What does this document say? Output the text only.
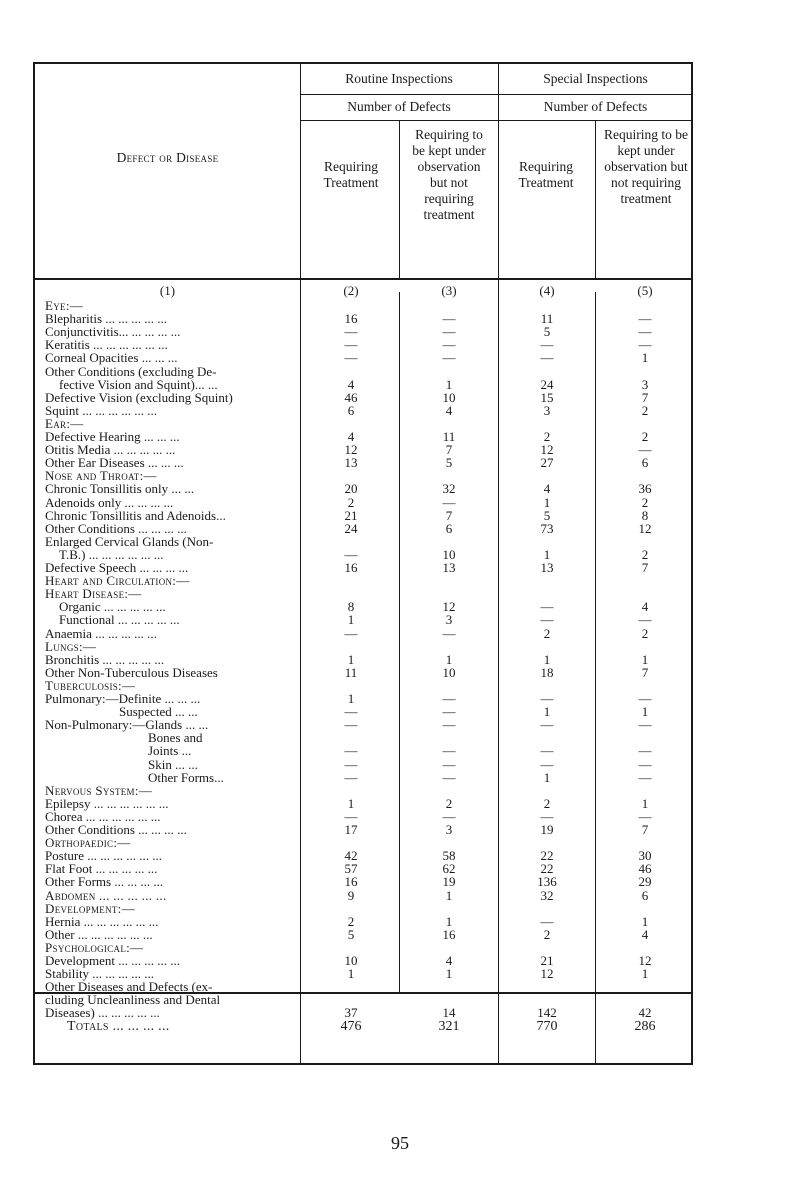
Routine Inspections	Special Inspections
Number of Defects	Number of Defects
Defect or Disease
Requiring Treatment
Requiring to be kept under observation but not requiring treatment
Requiring Treatment
Requiring to be kept under observation but not requiring treatment
(1)	(2)	(3)	(4)	(5)
Eye:—
Blepharitis ... ... ... ... ...	16	—	11	—
Conjunctivitis... ... ... ... ...	—	—	5	—
Keratitis ... ... ... ... ... ...	—	—	—	—
Corneal Opacities ... ... ...	—	—	—	1
Other Conditions (excluding De-
fective Vision and Squint)... ...	4	1	24	3
Defective Vision (excluding Squint)	46	10	15	7
Squint ... ... ... ... ... ...	6	4	3	2
Ear:—
Defective Hearing ... ... ...	4	11	2	2
Otitis Media ... ... ... ... ...	12	7	12	—
Other Ear Diseases ... ... ...	13	5	27	6
Nose and Throat:—
Chronic Tonsillitis only ... ...	20	32	4	36
Adenoids only ... ... ... ...	2	—	1	2
Chronic Tonsillitis and Adenoids...	21	7	5	8
Other Conditions ... ... ... ...	24	6	73	12
Enlarged Cervical Glands (Non-
T.B.) ... ... ... ... ... ...	—	10	1	2
Defective Speech ... ... ... ...	16	13	13	7
Heart and Circulation:—
Heart Disease:—
Organic ... ... ... ... ...	8	12	—	4
Functional ... ... ... ... ...	1	3	—	—
Anaemia ... ... ... ... ...	—	—	2	2
Lungs:—
Bronchitis ... ... ... ... ...	1	1	1	1
Other Non-Tuberculous Diseases	11	10	18	7
Tuberculosis:—
Pulmonary:—Definite ... ... ...	1	—	—	—
Suspected ... ...	—	—	1	1
Non-Pulmonary:—Glands ... ...	—	—	—	—
Bones and
Joints ...	—	—	—	—
Skin ... ...	—	—	—	—
Other Forms...	—	—	1	—
Nervous System:—
Epilepsy ... ... ... ... ... ...	1	2	2	1
Chorea ... ... ... ... ... ...	—	—	—	—
Other Conditions ... ... ... ...	17	3	19	7
Orthopaedic:—
Posture ... ... ... ... ... ...	42	58	22	30
Flat Foot ... ... ... ... ...	57	62	22	46
Other Forms ... ... ... ...	16	19	136	29
Abdomen ... ... ... ... ...	9	1	32	6
Development:—
Hernia ... ... ... ... ... ...	2	1	—	1
Other ... ... ... ... ... ...	5	16	2	4
Psychological:—
Development ... ... ... ... ...	10	4	21	12
Stability ... ... ... ... ...	1	1	12	1
Other Diseases and Defects (ex-
cluding Uncleanliness and Dental
Diseases) ... ... ... ... ...	37	14	142	42
Totals ... ... ... ...	476	321	770	286
95
